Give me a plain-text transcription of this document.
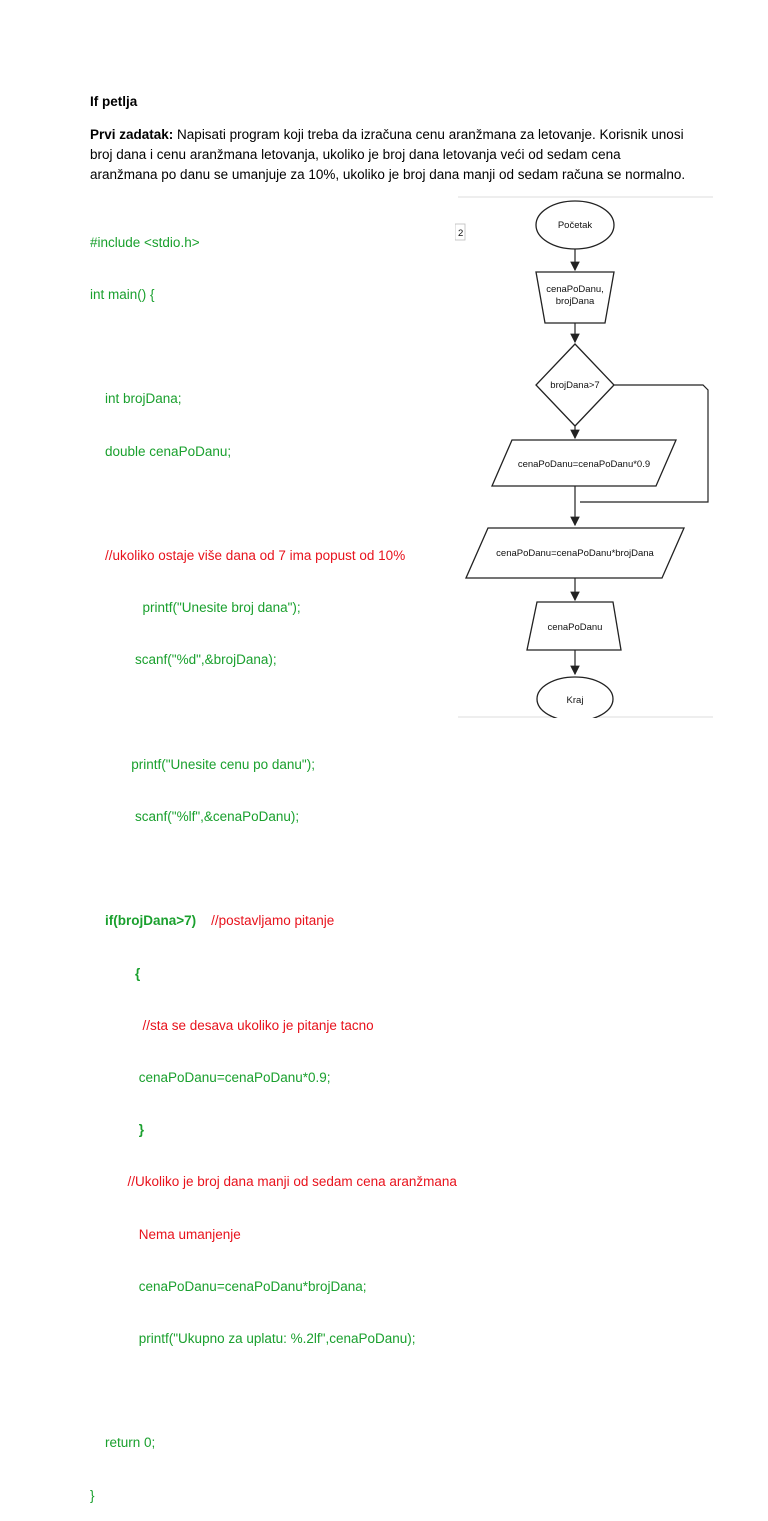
If petlja
Prvi zadatak: Napisati program koji treba da izračuna cenu aranžmana za letovanje. Korisnik unosi broj dana i cenu aranžmana letovanja, ukoliko je broj dana letovanja veći od sedam cena aranžmana po danu se umanjuje za 10%, ukoliko je broj dana manji od sedam računa se normalno.

#include <stdio.h>

int main() {

int brojDana;

double cenaPoDanu;

//ukoliko ostaje više dana od 7 ima popust od 10%

printf("Unesite broj dana");

scanf("%d",&brojDana);

printf("Unesite cenu po danu");

scanf("%lf",&cenaPoDanu);

if(brojDana>7)    //postavljamo pitanje

{

//sta se desava ukoliko je pitanje tacno

cenaPoDanu=cenaPoDanu*0.9;

}

//Ukoliko je broj dana manji od sedam cena aranžmana

Nema umanjenje

cenaPoDanu=cenaPoDanu*brojDana;

printf("Ukupno za uplatu: %.2lf",cenaPoDanu);

return 0;

}

2
Početak
cenaPoDanu,
brojDana
brojDana>7
cenaPoDanu=cenaPoDanu*0.9
cenaPoDanu=cenaPoDanu*brojDana
cenaPoDanu
Kraj
